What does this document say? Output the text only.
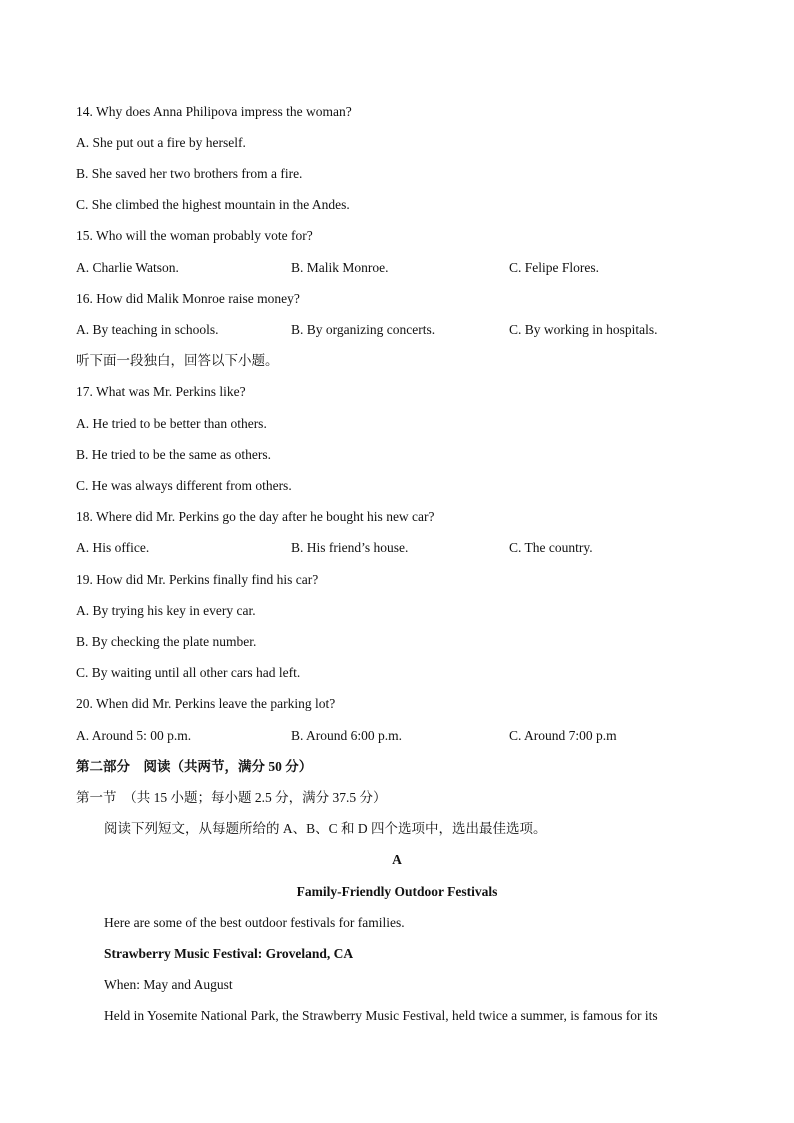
14. Why does Anna Philipova impress the woman?
A. She put out a fire by herself.
B. She saved her two brothers from a fire.
C. She climbed the highest mountain in the Andes.
15. Who will the woman probably vote for?
A. Charlie Watson.	B. Malik Monroe.	C. Felipe Flores.
16. How did Malik Monroe raise money?
A. By teaching in schools.	B. By organizing concerts.	C. By working in hospitals.
听下面一段独白，回答以下小题。
17. What was Mr. Perkins like?
A. He tried to be better than others.
B. He tried to be the same as others.
C. He was always different from others.
18. Where did Mr. Perkins go the day after he bought his new car?
A. His office.	B. His friend’s house.	C. The country.
19. How did Mr. Perkins finally find his car?
A. By trying his key in every car.
B. By checking the plate number.
C. By waiting until all other cars had left.
20. When did Mr. Perkins leave the parking lot?
A. Around 5: 00 p.m.	B. Around 6:00 p.m.	C. Around 7:00 p.m
第二部分　阅读（共两节，满分 50 分）
第一节　（共 15 小题；每小题 2.5 分，满分 37.5 分）
阅读下列短文，从每题所给的 A、B、C 和 D 四个选项中，选出最佳选项。
A
Family-Friendly Outdoor Festivals
Here are some of the best outdoor festivals for families.
Strawberry Music Festival: Groveland, CA
When: May and August
Held in Yosemite National Park, the Strawberry Music Festival, held twice a summer, is famous for its
